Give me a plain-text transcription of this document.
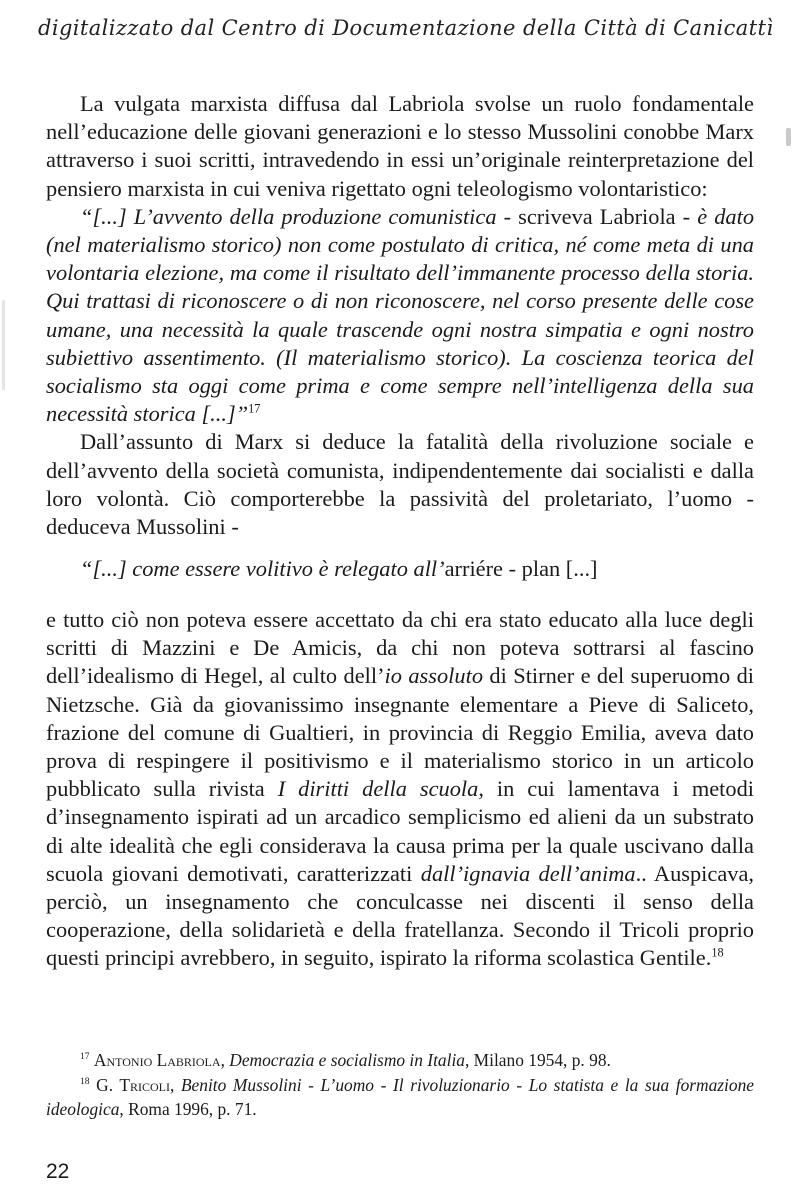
digitalizzato dal Centro di Documentazione della Città di Canicattì

La vulgata marxista diffusa dal Labriola svolse un ruolo fondamentale nell’educazione delle giovani generazioni e lo stesso Mussolini conobbe Marx attraverso i suoi scritti, intravedendo in essi un’originale reinterpretazione del pensiero marxista in cui veniva rigettato ogni teleologismo volontaristico:

“[...] L’avvento della produzione comunistica - scriveva Labriola - è dato (nel materialismo storico) non come postulato di critica, né come meta di una volontaria elezione, ma come il risultato dell’immanente processo della storia. Qui trattasi di riconoscere o di non riconoscere, nel corso presente delle cose umane, una necessità la quale trascende ogni nostra simpatia e ogni nostro subiettivo assentimento. (Il materialismo storico). La coscienza teorica del socialismo sta oggi come prima e come sempre nell’intelligenza della sua necessità storica [...]”$^{17}$

Dall’assunto di Marx si deduce la fatalità della rivoluzione sociale e dell’avvento della società comunista, indipendentemente dai socialisti e dalla loro volontà. Ciò comporterebbe la passività del proletariato, l’uomo - deduceva Mussolini -

“[...] come essere volitivo è relegato all’arriére - plan [...]

e tutto ciò non poteva essere accettato da chi era stato educato alla luce degli scritti di Mazzini e De Amicis, da chi non poteva sottrarsi al fascino dell’idealismo di Hegel, al culto dell’io assoluto di Stirner e del superuomo di Nietzsche. Già da giovanissimo insegnante elementare a Pieve di Saliceto, frazione del comune di Gualtieri, in provincia di Reggio Emilia, aveva dato prova di respingere il positivismo e il materialismo storico in un articolo pubblicato sulla rivista I diritti della scuola, in cui lamentava i metodi d’insegnamento ispirati ad un arcadico semplicismo ed alieni da un substrato di alte idealità che egli considerava la causa prima per la quale uscivano dalla scuola giovani demotivati, caratterizzati dall’ignavia dell’anima.. Auspicava, perciò, un insegnamento che conculcasse nei discenti il senso della cooperazione, della solidarietà e della fratellanza. Secondo il Tricoli proprio questi principi avrebbero, in seguito, ispirato la riforma scolastica Gentile.$^{18}$

$^{17}$ Antonio Labriola, Democrazia e socialismo in Italia, Milano 1954, p. 98.

$^{18}$ G. Tricoli, Benito Mussolini - L’uomo - Il rivoluzionario - Lo statista e la sua formazione ideologica, Roma 1996, p. 71.

22
